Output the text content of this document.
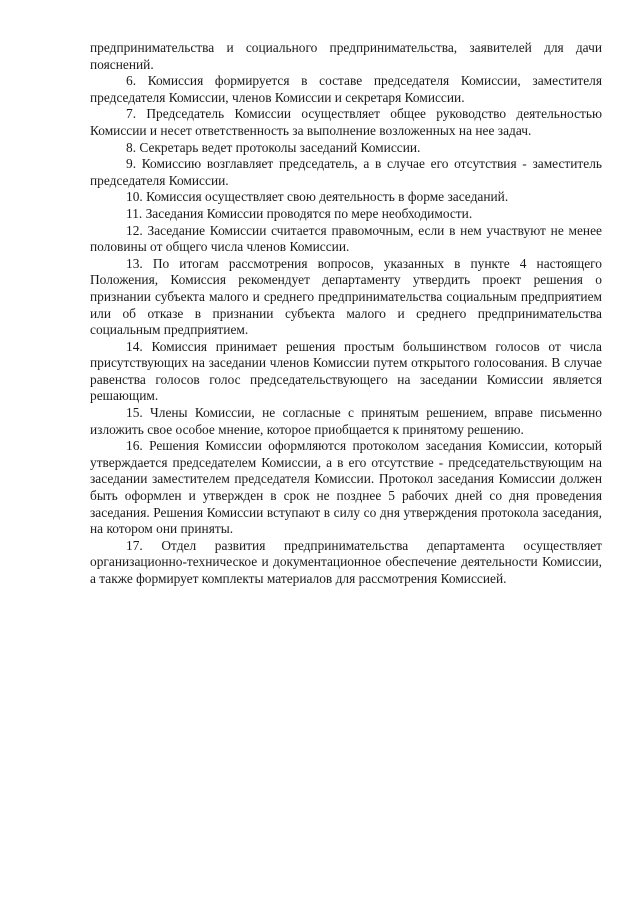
предпринимательства и социального предпринимательства, заявителей для дачи пояснений.

6. Комиссия формируется в составе председателя Комиссии, заместителя председателя Комиссии, членов Комиссии и секретаря Комиссии.

7. Председатель Комиссии осуществляет общее руководство деятельностью Комиссии и несет ответственность за выполнение возложенных на нее задач.

8. Секретарь ведет протоколы заседаний Комиссии.

9. Комиссию возглавляет председатель, а в случае его отсутствия - заместитель председателя Комиссии.

10. Комиссия осуществляет свою деятельность в форме заседаний.

11. Заседания Комиссии проводятся по мере необходимости.

12. Заседание Комиссии считается правомочным, если в нем участвуют не менее половины от общего числа членов Комиссии.

13. По итогам рассмотрения вопросов, указанных в пункте 4 настоящего Положения, Комиссия рекомендует департаменту утвердить проект решения о признании субъекта малого и среднего предпринимательства социальным предприятием или об отказе в признании субъекта малого и среднего предпринимательства социальным предприятием.

14. Комиссия принимает решения простым большинством голосов от числа присутствующих на заседании членов Комиссии путем открытого голосования. В случае равенства голосов голос председательствующего на заседании Комиссии является решающим.

15. Члены Комиссии, не согласные с принятым решением, вправе письменно изложить свое особое мнение, которое приобщается к принятому решению.

16. Решения Комиссии оформляются протоколом заседания Комиссии, который утверждается председателем Комиссии, а в его отсутствие - председательствующим на заседании заместителем председателя Комиссии. Протокол заседания Комиссии должен быть оформлен и утвержден в срок не позднее 5 рабочих дней со дня проведения заседания. Решения Комиссии вступают в силу со дня утверждения протокола заседания, на котором они приняты.

17. Отдел развития предпринимательства департамента осуществляет организационно-техническое и документационное обеспечение деятельности Комиссии, а также формирует комплекты материалов для рассмотрения Комиссией.
